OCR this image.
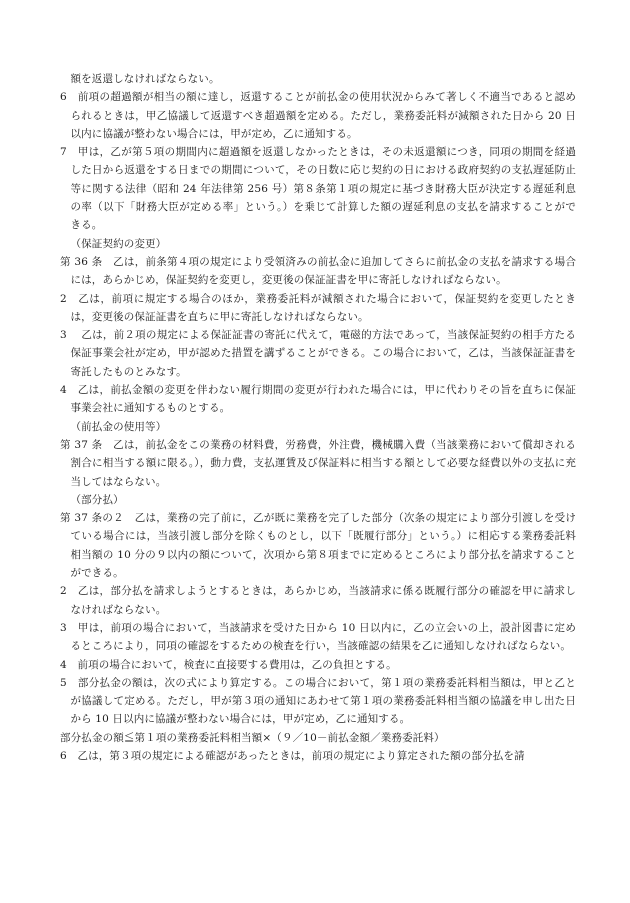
額を返還しなければならない。

6　前項の超過額が相当の額に達し，返還することが前払金の使用状況からみて著しく不適当であると認められるときは，甲乙協議して返還すべき超過額を定める。ただし，業務委託料が減額された日から 20 日以内に協議が整わない場合には，甲が定め，乙に通知する。

7　甲は，乙が第５項の期間内に超過額を返還しなかったときは，その未返還額につき，同項の期間を経過した日から返還をする日までの期間について，その日数に応じ契約の日における政府契約の支払遅延防止等に関する法律（昭和 24 年法律第 256 号）第８条第１項の規定に基づき財務大臣が決定する遅延利息の率（以下「財務大臣が定める率」という。）を乗じて計算した額の遅延利息の支払を請求することができる。

（保証契約の変更）

第 36 条　乙は，前条第４項の規定により受領済みの前払金に追加してさらに前払金の支払を請求する場合には，あらかじめ，保証契約を変更し，変更後の保証証書を甲に寄託しなければならない。

2　乙は，前項に規定する場合のほか，業務委託料が減額された場合において，保証契約を変更したときは，変更後の保証証書を直ちに甲に寄託しなければならない。

3　 乙は，前２項の規定による保証証書の寄託に代えて，電磁的方法であって，当該保証契約の相手方たる保証事業会社が定め，甲が認めた措置を講ずることができる。この場合において，乙は，当該保証証書を寄託したものとみなす。

4　乙は，前払金額の変更を伴わない履行期間の変更が行われた場合には，甲に代わりその旨を直ちに保証事業会社に通知するものとする。

（前払金の使用等）

第 37 条　乙は，前払金をこの業務の材料費，労務費，外注費，機械購入費（当該業務において償却される割合に相当する額に限る。），動力費，支払運賃及び保証料に相当する額として必要な経費以外の支払に充当してはならない。

（部分払）

第 37 条の２　乙は，業務の完了前に，乙が既に業務を完了した部分（次条の規定により部分引渡しを受けている場合には，当該引渡し部分を除くものとし，以下「既履行部分」という。）に相応する業務委託料相当額の 10 分の９以内の額について，次項から第８項までに定めるところにより部分払を請求することができる。

2　乙は，部分払を請求しようとするときは，あらかじめ，当該請求に係る既履行部分の確認を甲に請求しなければならない。

3　甲は，前項の場合において，当該請求を受けた日から 10 日以内に，乙の立会いの上，設計図書に定めるところにより，同項の確認をするための検査を行い，当該確認の結果を乙に通知しなければならない。

4　前項の場合において，検査に直接要する費用は，乙の負担とする。

5　部分払金の額は，次の式により算定する。この場合において，第１項の業務委託料相当額は，甲と乙とが協議して定める。ただし，甲が第３項の通知にあわせて第１項の業務委託料相当額の協議を申し出た日から 10 日以内に協議が整わない場合には，甲が定め，乙に通知する。

部分払金の額≦第１項の業務委託料相当額×（９／10－前払金額／業務委託料）

6　乙は，第３項の規定による確認があったときは，前項の規定により算定された額の部分払を請
